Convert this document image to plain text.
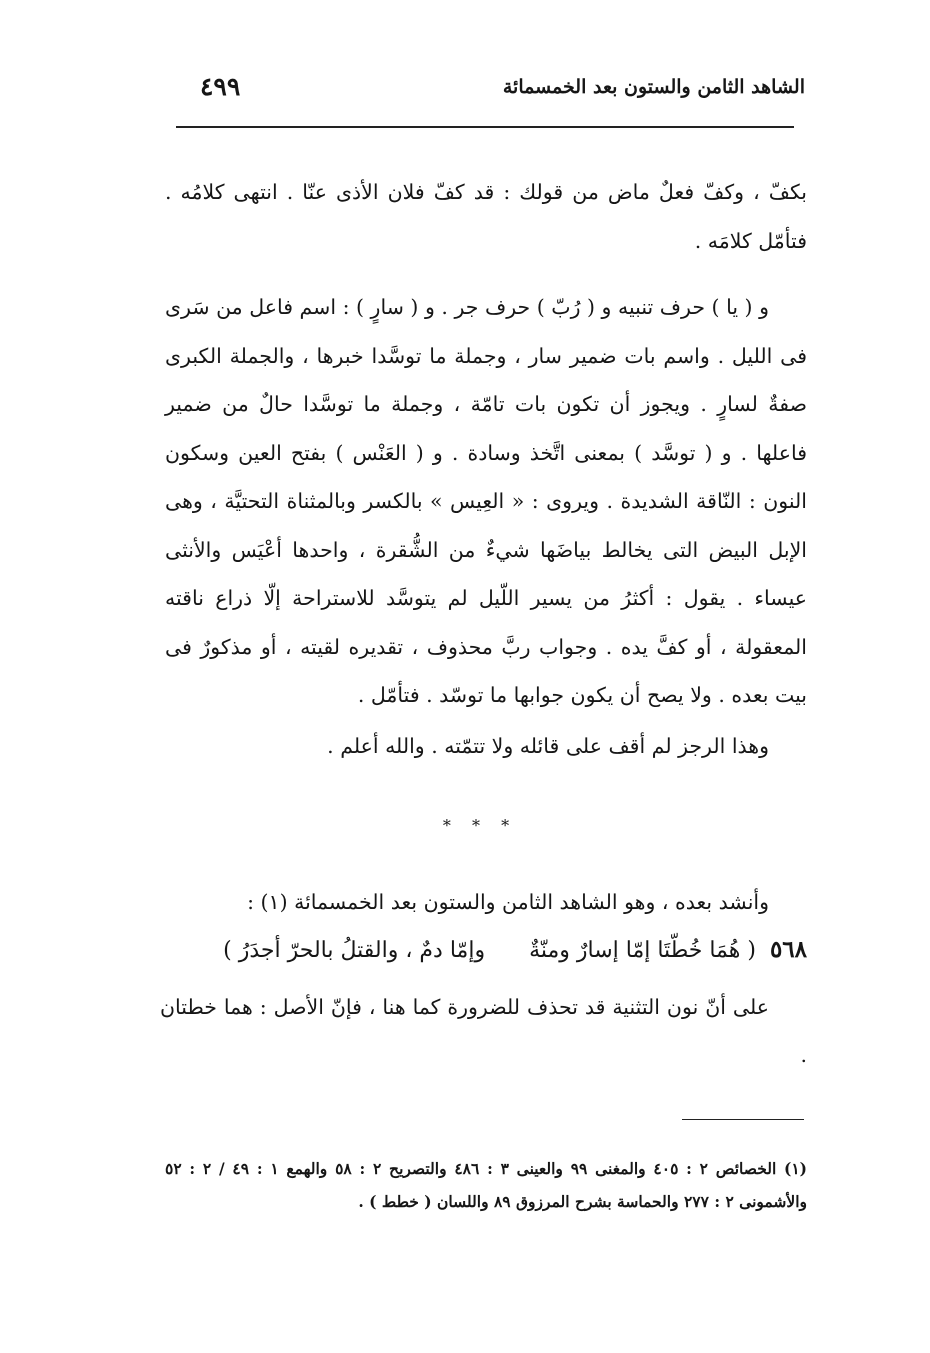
الشاهد الثامن والستون بعد الخمسمائة
٤٩٩

بكفّ ، وكفّ فعلٌ ماض من قولك : قد كفّ فلان الأذى عنّا . انتهى كلامُه . فتأمّل كلامَه .

و ( يا ) حرف تنبيه و ( رُبّ ) حرف جر . و ( سارٍ ) : اسم فاعل من سَرى فى الليل . واسم بات ضمير سار ، وجملة ما توسَّدا خبرها ، والجملة الكبرى صفةٌ لسارٍ . ويجوز أن تكون بات تامّة ، وجملة ما توسَّدا حالٌ من ضمير فاعلها . و ( توسَّد ) بمعنى اتَّخذ وسادة . و ( العَنْس ) بفتح العين وسكون النون : النّاقة الشديدة . ويروى : « العِيس » بالكسر وبالمثناة التحتيَّة ، وهى الإبل البيض التى يخالط بياضَها شيءٌ من الشُّقرة ، واحدها أعْيَس والأنثى عيساء . يقول : أكثرُ من يسير اللّيل لم يتوسَّد للاستراحة إلّا ذراع ناقته المعقولة ، أو كفَّ يده . وجواب ربَّ محذوف ، تقديره لقيته ، أو مذكورٌ فى بيت بعده . ولا يصح أن يكون جوابها ما توسّد . فتأمّل .

وهذا الرجز لم أقف على قائله ولا تتمّته . والله أعلم .

* * *

وأنشد بعده ، وهو الشاهد الثامن والستون بعد الخمسمائة (١) :

٥٦٨
( هُمَا خُطّتَا إمّا إسارٌ ومنّةٌ
وإمّا دمٌ ، والقتلُ بالحرّ أجدَرُ )

على أنّ نون التثنية قد تحذف للضرورة كما هنا ، فإنّ الأصل : هما خطتان .

(١) الخصائص ٢ : ٤٠٥ والمغنى ٩٩ والعينى ٣ : ٤٨٦ والتصريح ٢ : ٥٨ والهمع ١ : ٤٩ / ٢ : ٥٢ والأشمونى ٢ : ٢٧٧ والحماسة بشرح المرزوق ٨٩ واللسان ( خطط ) .
